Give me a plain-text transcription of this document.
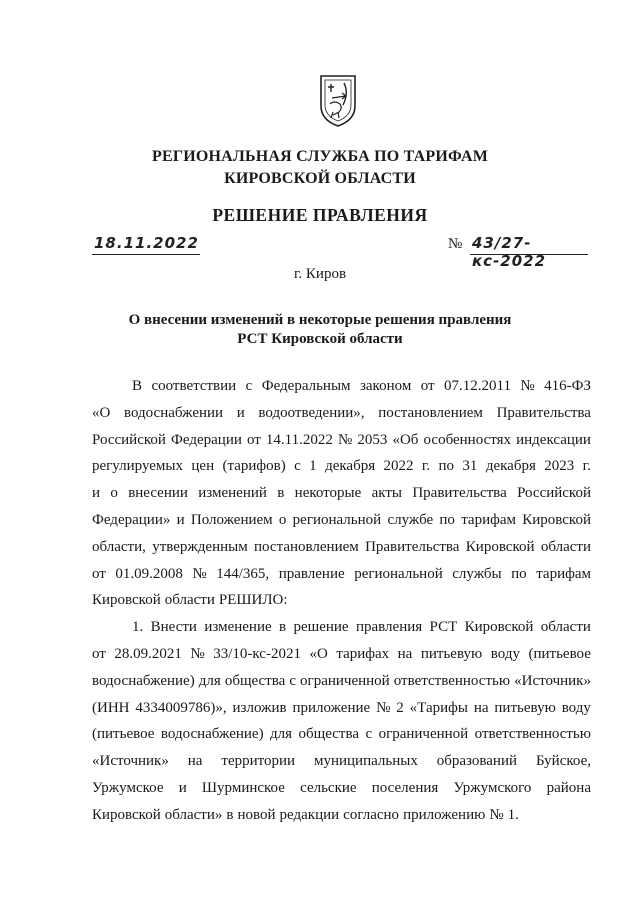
РЕГИОНАЛЬНАЯ СЛУЖБА ПО ТАРИФАМ
КИРОВСКОЙ ОБЛАСТИ
РЕШЕНИЕ ПРАВЛЕНИЯ
18.11.2022	№ 43/27-кс-2022
г. Киров
О внесении изменений в некоторые решения правления
РСТ Кировской области
В соответствии с Федеральным законом от 07.12.2011 № 416-ФЗ
«О водоснабжении и водоотведении», постановлением Правительства
Российской Федерации от 14.11.2022 № 2053 «Об особенностях индексации
регулируемых цен (тарифов) с 1 декабря 2022 г. по 31 декабря 2023 г.
и о внесении изменений в некоторые акты Правительства Российской
Федерации» и Положением о региональной службе по тарифам Кировской
области, утвержденным постановлением Правительства Кировской области
от 01.09.2008 № 144/365, правление региональной службы по тарифам
Кировской области РЕШИЛО:
1. Внести изменение в решение правления РСТ Кировской области
от 28.09.2021 № 33/10-кс-2021 «О тарифах на питьевую воду (питьевое
водоснабжение) для общества с ограниченной ответственностью «Источник»
(ИНН 4334009786)», изложив приложение № 2 «Тарифы на питьевую воду
(питьевое водоснабжение) для общества с ограниченной ответственностью
«Источник» на территории муниципальных образований Буйское,
Уржумское и Шурминское сельские поселения Уржумского района
Кировской области» в новой редакции согласно приложению № 1.
